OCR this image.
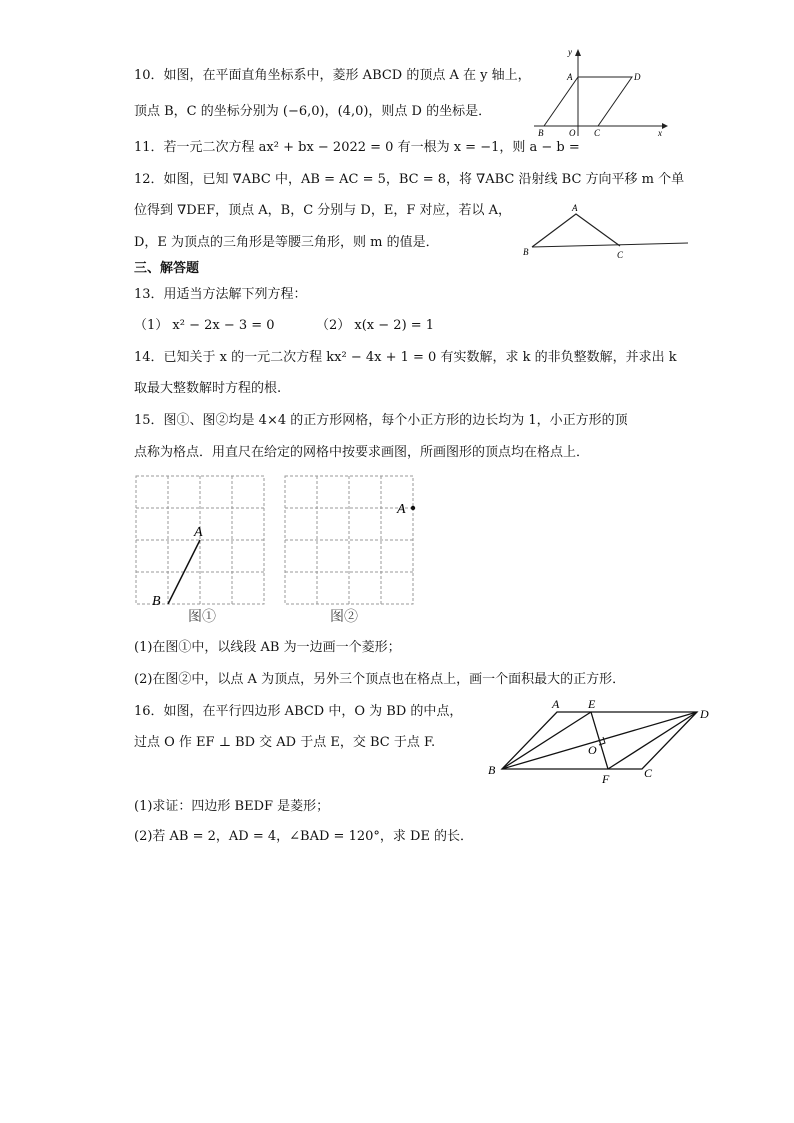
10．如图，在平面直角坐标系中，菱形 ABCD 的顶点 A 在 y 轴上，
顶点 B，C 的坐标分别为 (−6,0)，(4,0)，则点 D 的坐标是．
y
x
A	D
B	O C
11．若一元二次方程 ax² + bx − 2022 = 0 有一根为 x = −1，则 a − b =
12．如图，已知 ∇ABC 中，AB = AC = 5，BC = 8，将 ∇ABC 沿射线 BC 方向平移 m 个单
位得到 ∇DEF，顶点 A，B，C 分别与 D，E，F 对应，若以 A，
D，E 为顶点的三角形是等腰三角形，则 m 的值是．
A
B	C
三、解答题
13．用适当方法解下列方程：
（1） x² − 2x − 3 = 0	（2） x(x − 2) = 1
14．已知关于 x 的一元二次方程 kx² − 4x + 1 = 0 有实数解，求 k 的非负整数解，并求出 k
取最大整数解时方程的根.
15．图①、图②均是 4×4 的正方形网格，每个小正方形的边长均为 1，小正方形的顶
点称为格点．用直尺在给定的网格中按要求画图，所画图形的顶点均在格点上．
A
B
图①
A
图②
(1)在图①中，以线段 AB 为一边画一个菱形；
(2)在图②中，以点 A 为顶点，另外三个顶点也在格点上，画一个面积最大的正方形．
16．如图，在平行四边形 ABCD 中，O 为 BD 的中点，
过点 O 作 EF ⊥ BD 交 AD 于点 E，交 BC 于点 F.
A E
D
O
B
F	C
(1)求证：四边形 BEDF 是菱形；
(2)若 AB = 2，AD = 4，∠BAD = 120°，求 DE 的长．
